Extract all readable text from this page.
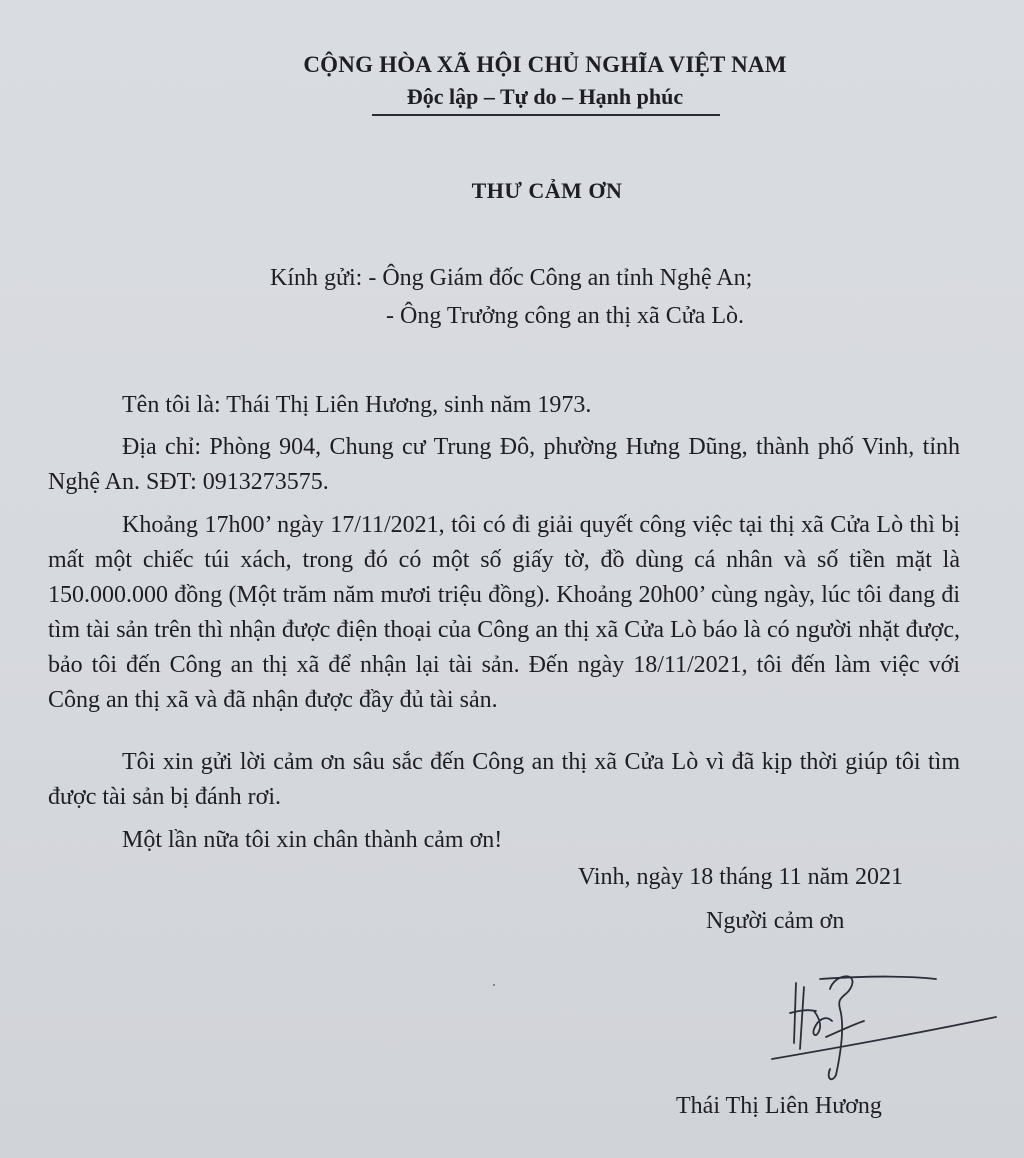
CỘNG HÒA XÃ HỘI CHỦ NGHĨA VIỆT NAM
Độc lập – Tự do – Hạnh phúc
THƯ CẢM ƠN
Kính gửi: - Ông Giám đốc Công an tỉnh Nghệ An;
- Ông Trưởng công an thị xã Cửa Lò.
Tên tôi là: Thái Thị Liên Hương, sinh năm 1973.
Địa chỉ: Phòng 904, Chung cư Trung Đô, phường Hưng Dũng, thành phố Vinh, tỉnh Nghệ An. SĐT: 0913273575.
Khoảng 17h00’ ngày 17/11/2021, tôi có đi giải quyết công việc tại thị xã Cửa Lò thì bị mất một chiếc túi xách, trong đó có một số giấy tờ, đồ dùng cá nhân và số tiền mặt là 150.000.000 đồng (Một trăm năm mươi triệu đồng). Khoảng 20h00’ cùng ngày, lúc tôi đang đi tìm tài sản trên thì nhận được điện thoại của Công an thị xã Cửa Lò báo là có người nhặt được, bảo tôi đến Công an thị xã để nhận lại tài sản. Đến ngày 18/11/2021, tôi đến làm việc với Công an thị xã và đã nhận được đầy đủ tài sản.
Tôi xin gửi lời cảm ơn sâu sắc đến Công an thị xã Cửa Lò vì đã kịp thời giúp tôi tìm được tài sản bị đánh rơi.
Một lần nữa tôi xin chân thành cảm ơn!
Vinh, ngày 18 tháng 11 năm 2021
Người cảm ơn
Thái Thị Liên Hương
